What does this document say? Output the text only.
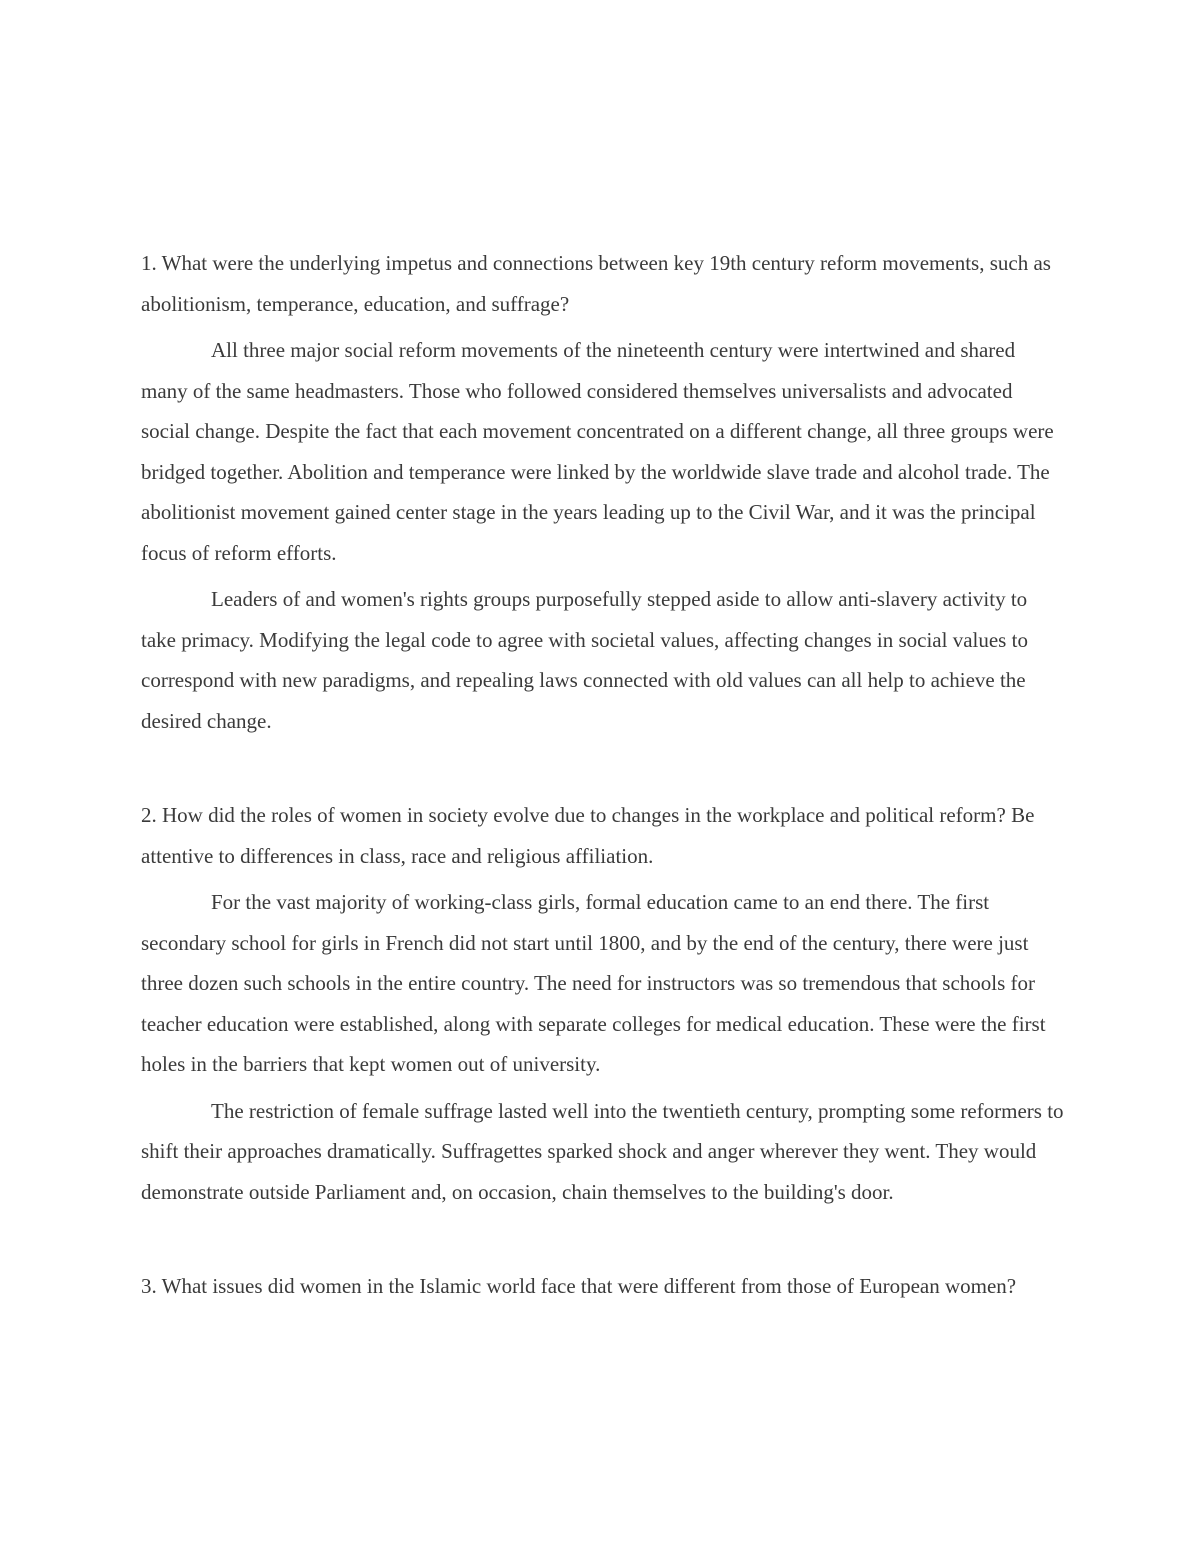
1. What were the underlying impetus and connections between key 19th century reform movements, such as abolitionism, temperance, education, and suffrage?

All three major social reform movements of the nineteenth century were intertwined and shared many of the same headmasters. Those who followed considered themselves universalists and advocated social change. Despite the fact that each movement concentrated on a different change, all three groups were bridged together. Abolition and temperance were linked by the worldwide slave trade and alcohol trade. The abolitionist movement gained center stage in the years leading up to the Civil War, and it was the principal focus of reform efforts.

Leaders of and women's rights groups purposefully stepped aside to allow anti-slavery activity to take primacy. Modifying the legal code to agree with societal values, affecting changes in social values to correspond with new paradigms, and repealing laws connected with old values can all help to achieve the desired change.

2. How did the roles of women in society evolve due to changes in the workplace and political reform? Be attentive to differences in class, race and religious affiliation.

For the vast majority of working-class girls, formal education came to an end there. The first secondary school for girls in French did not start until 1800, and by the end of the century, there were just three dozen such schools in the entire country. The need for instructors was so tremendous that schools for teacher education were established, along with separate colleges for medical education. These were the first holes in the barriers that kept women out of university.

The restriction of female suffrage lasted well into the twentieth century, prompting some reformers to shift their approaches dramatically. Suffragettes sparked shock and anger wherever they went. They would demonstrate outside Parliament and, on occasion, chain themselves to the building's door.

3. What issues did women in the Islamic world face that were different from those of European women?
